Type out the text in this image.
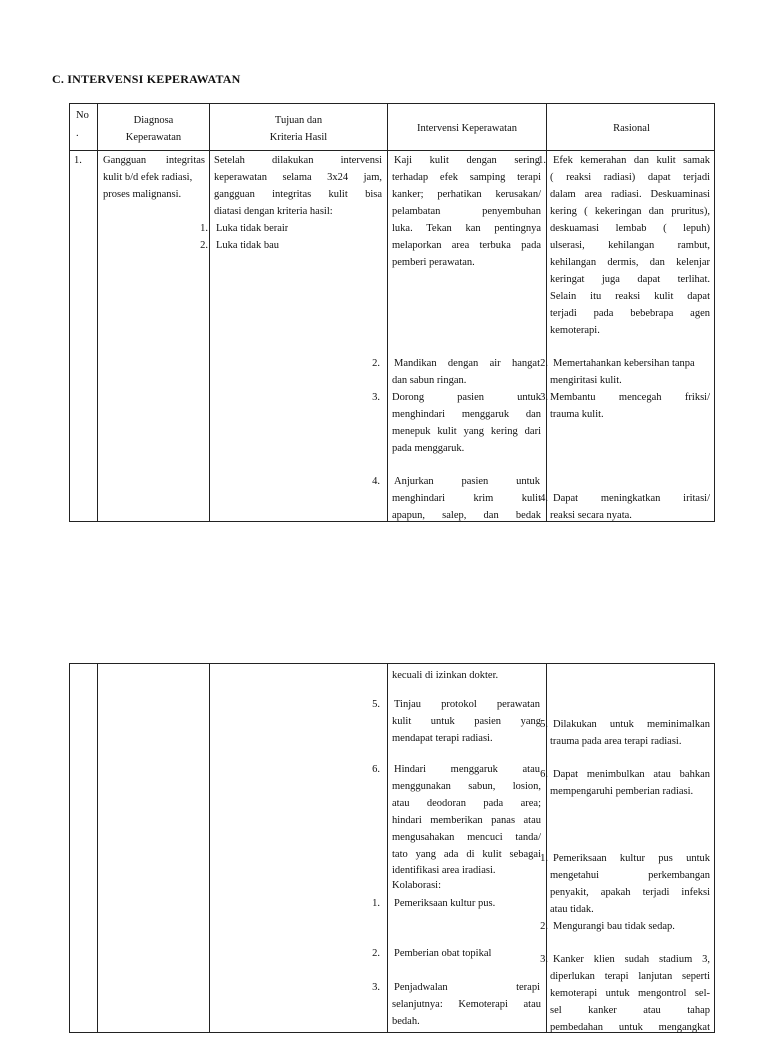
C. INTERVENSI KEPERAWATAN
No
.
Diagnosa
Keperawatan
Tujuan dan
Kriteria Hasil
Intervensi Keperawatan	Rasional
1. Gangguan integritas
kulit b/d efek radiasi,
proses malignansi.
Setelah dilakukan intervensi
keperawatan selama 3x24 jam,
gangguan integritas kulit bisa
diatasi dengan kriteria hasil:
1. Luka tidak berair
2. Luka tidak bau
1.
Kaji kulit dengan sering
terhadap efek samping terapi
kanker; perhatikan kerusakan/
pelambatan penyembuhan
luka. Tekan kan pentingnya
melaporkan area terbuka pada
pemberi perawatan.
Efek kemerahan dan kulit samak
( reaksi radiasi) dapat terjadi
dalam area radiasi. Deskuaminasi
kering ( kekeringan dan pruritus),
deskuamasi lembab ( lepuh)
ulserasi, kehilangan rambut,
kehilangan dermis, dan kelenjar
keringat juga dapat terlihat.
Selain itu reaksi kulit dapat
terjadi pada bebebrapa agen
kemoterapi.
2. Mandikan dengan air hangat
dan sabun ringan.
2. Memertahankan kebersihan tanpa
mengiritasi kulit.
3. Dorong pasien untuk
menghindari menggaruk dan
menepuk kulit yang kering dari
pada menggaruk.
3. Membantu mencegah friksi/
trauma kulit.
4. Anjurkan pasien untuk
menghindari krim kulit
apapun, salep, dan bedak
4. Dapat meningkatkan iritasi/
reaksi secara nyata.
kecuali di izinkan dokter.
5. Tinjau protokol perawatan
kulit untuk pasien yang
mendapat terapi radiasi.
5. Dilakukan untuk meminimalkan
trauma pada area terapi radiasi.
6. Hindari menggaruk atau
menggunakan sabun, losion,
atau deodoran pada area;
hindari memberikan panas atau
mengusahakan mencuci tanda/
tato yang ada di kulit sebagai
identifikasi area iradiasi.
6. Dapat menimbulkan atau bahkan
mempengaruhi pemberian radiasi.
Kolaborasi:
1. Pemeriksaan kultur pus.
1. Pemeriksaan kultur pus untuk
mengetahui perkembangan
penyakit, apakah terjadi infeksi
atau tidak.
2. Mengurangi bau tidak sedap.
2. Pemberian obat topikal
3. Penjadwalan terapi
selanjutnya: Kemoterapi atau
bedah.
3. Kanker klien sudah stadium 3,
diperlukan terapi lanjutan seperti
kemoterapi untuk mengontrol sel-
sel kanker atau tahap
pembedahan untuk mengangkat
